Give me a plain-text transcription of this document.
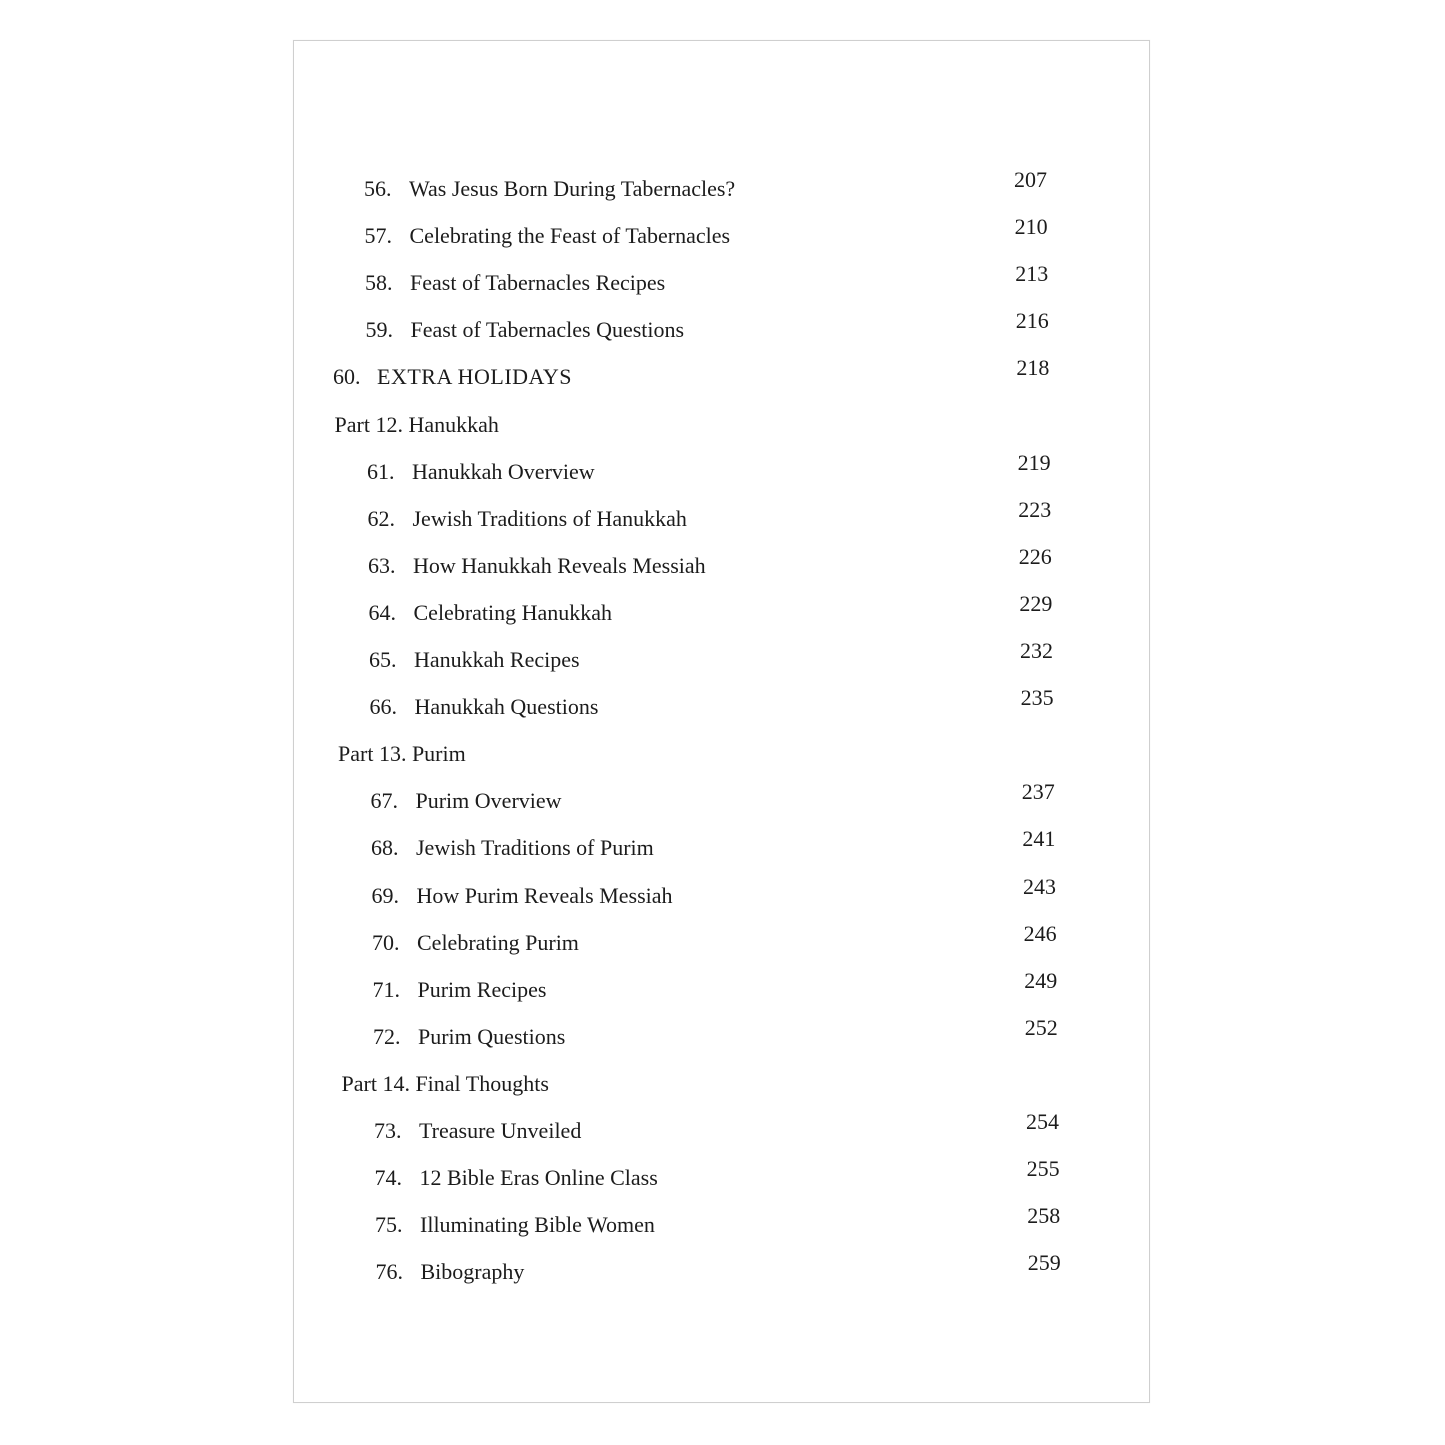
56. Was Jesus Born During Tabernacles?	207
57. Celebrating the Feast of Tabernacles	210
58. Feast of Tabernacles Recipes	213
59. Feast of Tabernacles Questions	216
60. EXTRA HOLIDAYS	218
Part 12. Hanukkah
61. Hanukkah Overview	219
62. Jewish Traditions of Hanukkah	223
63. How Hanukkah Reveals Messiah	226
64. Celebrating Hanukkah	229
65. Hanukkah Recipes	232
66. Hanukkah Questions	235
Part 13. Purim
67. Purim Overview	237
68. Jewish Traditions of Purim	241
69. How Purim Reveals Messiah	243
70. Celebrating Purim	246
71. Purim Recipes	249
72. Purim Questions	252
Part 14. Final Thoughts
73. Treasure Unveiled	254
74. 12 Bible Eras Online Class	255
75. Illuminating Bible Women	258
76. Bibography	259
